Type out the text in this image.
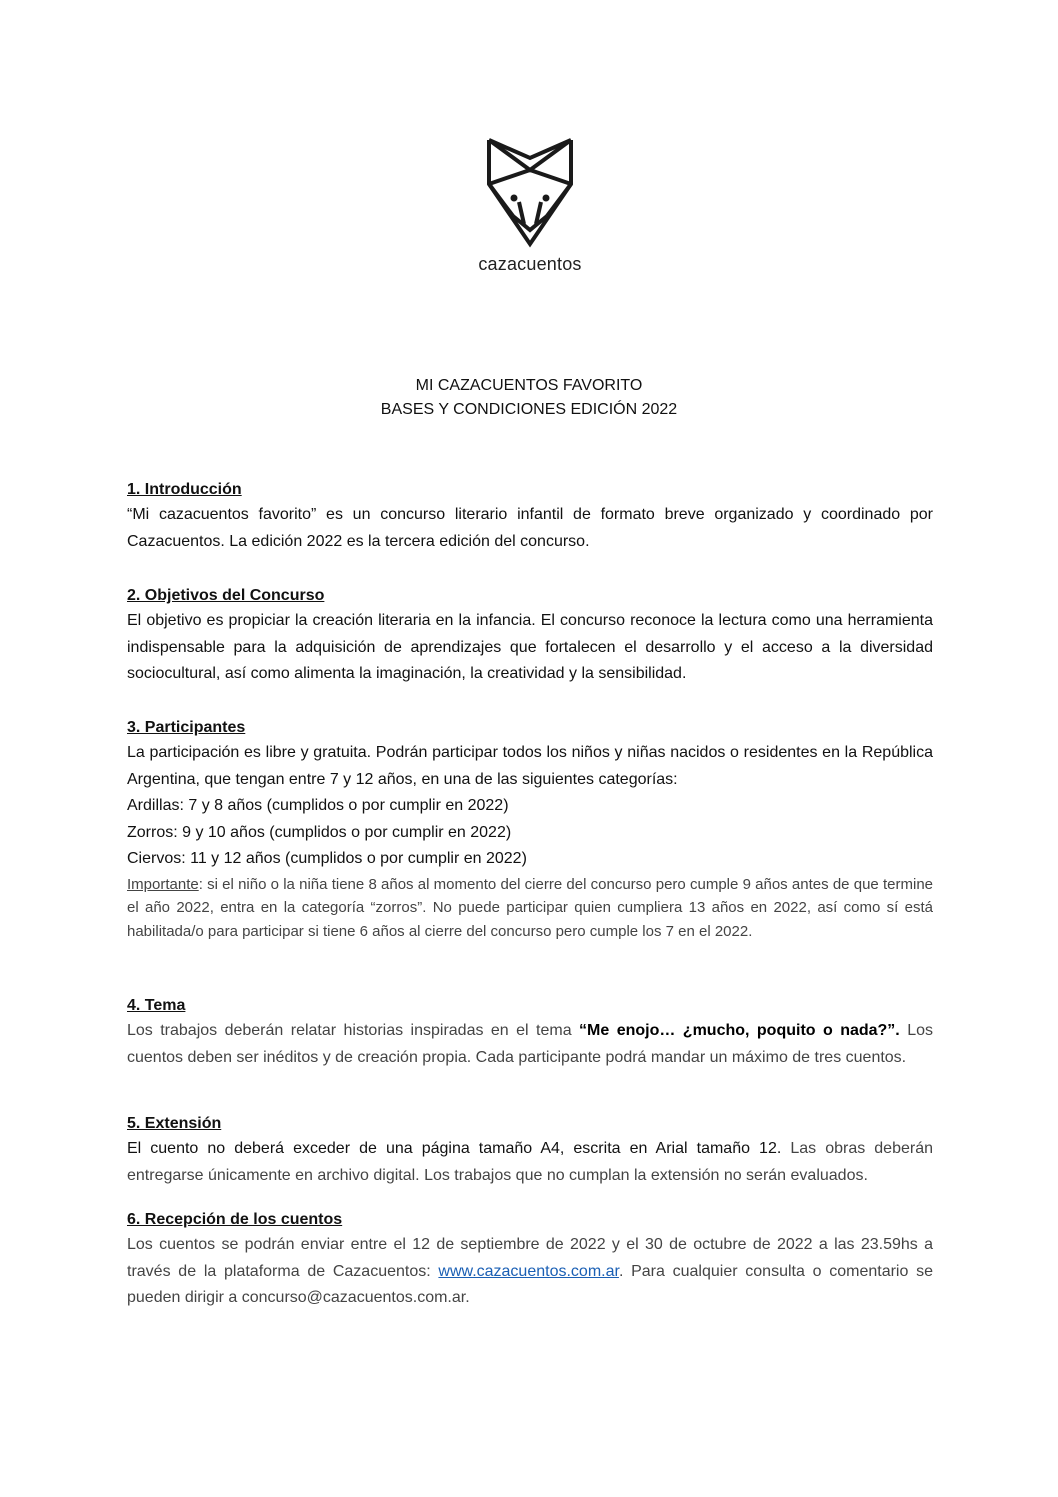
cazacuentos
MI CAZACUENTOS FAVORITO
BASES Y CONDICIONES EDICIÓN 2022

1. Introducción

“Mi cazacuentos favorito” es un concurso literario infantil de formato breve organizado y coordinado por Cazacuentos. La edición 2022 es la tercera edición del concurso.

2. Objetivos del Concurso

El objetivo es propiciar la creación literaria en la infancia. El concurso reconoce la lectura como una herramienta indispensable para la adquisición de aprendizajes que fortalecen el desarrollo y el acceso a la diversidad sociocultural, así como alimenta la imaginación, la creatividad y la sensibilidad.

3. Participantes

La participación es libre y gratuita. Podrán participar todos los niños y niñas nacidos o residentes en la República Argentina, que tengan entre 7 y 12 años, en una de las siguientes categorías:

Ardillas: 7 y 8 años (cumplidos o por cumplir en 2022)

Zorros: 9 y 10 años (cumplidos o por cumplir en 2022)

Ciervos: 11 y 12 años (cumplidos o por cumplir en 2022)

Importante: si el niño o la niña tiene 8 años al momento del cierre del concurso pero cumple 9 años antes de que termine el año 2022, entra en la categoría “zorros”. No puede participar quien cumpliera 13 años en 2022, así como sí está habilitada/o para participar si tiene 6 años al cierre del concurso pero cumple los 7 en el 2022.

4. Tema

Los trabajos deberán relatar historias inspiradas en el tema “Me enojo… ¿mucho, poquito o nada?”. Los cuentos deben ser inéditos y de creación propia. Cada participante podrá mandar un máximo de tres cuentos.

5. Extensión

El cuento no deberá exceder de una página tamaño A4, escrita en Arial tamaño 12. Las obras deberán entregarse únicamente en archivo digital. Los trabajos que no cumplan la extensión no serán evaluados.

6. Recepción de los cuentos

Los cuentos se podrán enviar entre el 12 de septiembre de 2022 y el 30 de octubre de 2022 a las 23.59hs a través de la plataforma de Cazacuentos: www.cazacuentos.com.ar. Para cualquier consulta o comentario se pueden dirigir a concurso@cazacuentos.com.ar.
